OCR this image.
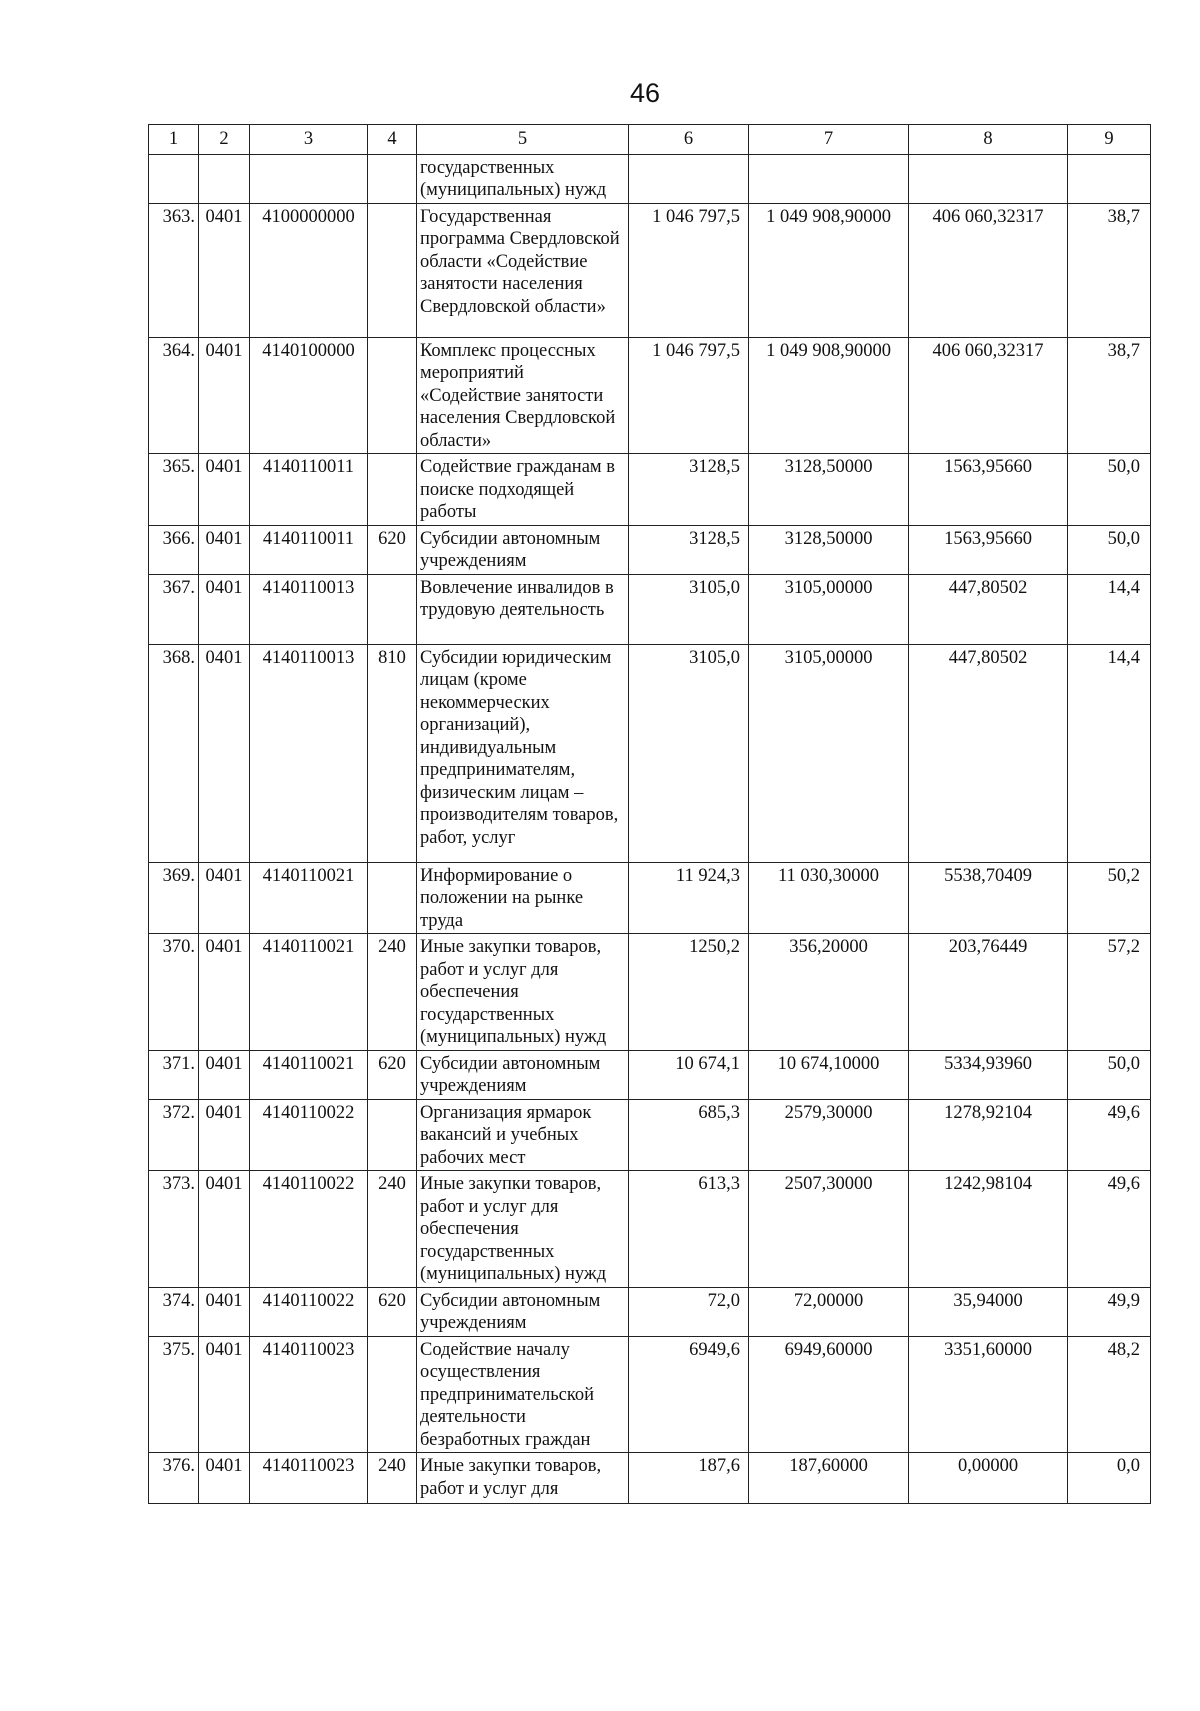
46
1	2	3	4	5	6	7	8	9
				государственных (муниципальных) нужд				
363.	0401	4100000000		Государственная программа Свердловской области «Содействие занятости населения Свердловской области»	1 046 797,5	1 049 908,90000	406 060,32317	38,7
364.	0401	4140100000		Комплекс процессных мероприятий «Содействие занятости населения Свердловской области»	1 046 797,5	1 049 908,90000	406 060,32317	38,7
365.	0401	4140110011		Содействие гражданам в поиске подходящей работы	3128,5	3128,50000	1563,95660	50,0
366.	0401	4140110011	620	Субсидии автономным учреждениям	3128,5	3128,50000	1563,95660	50,0
367.	0401	4140110013		Вовлечение инвалидов в трудовую деятельность	3105,0	3105,00000	447,80502	14,4
368.	0401	4140110013	810	Субсидии юридическим лицам (кроме некоммерческих организаций), индивидуальным предпринимателям, физическим лицам – производителям товаров, работ, услуг	3105,0	3105,00000	447,80502	14,4
369.	0401	4140110021		Информирование о положении на рынке труда	11 924,3	11 030,30000	5538,70409	50,2
370.	0401	4140110021	240	Иные закупки товаров, работ и услуг для обеспечения государственных (муниципальных) нужд	1250,2	356,20000	203,76449	57,2
371.	0401	4140110021	620	Субсидии автономным учреждениям	10 674,1	10 674,10000	5334,93960	50,0
372.	0401	4140110022		Организация ярмарок вакансий и учебных рабочих мест	685,3	2579,30000	1278,92104	49,6
373.	0401	4140110022	240	Иные закупки товаров, работ и услуг для обеспечения государственных (муниципальных) нужд	613,3	2507,30000	1242,98104	49,6
374.	0401	4140110022	620	Субсидии автономным учреждениям	72,0	72,00000	35,94000	49,9
375.	0401	4140110023		Содействие началу осуществления предпринимательской деятельности безработных граждан	6949,6	6949,60000	3351,60000	48,2
376.	0401	4140110023	240	Иные закупки товаров, работ и услуг для	187,6	187,60000	0,00000	0,0
